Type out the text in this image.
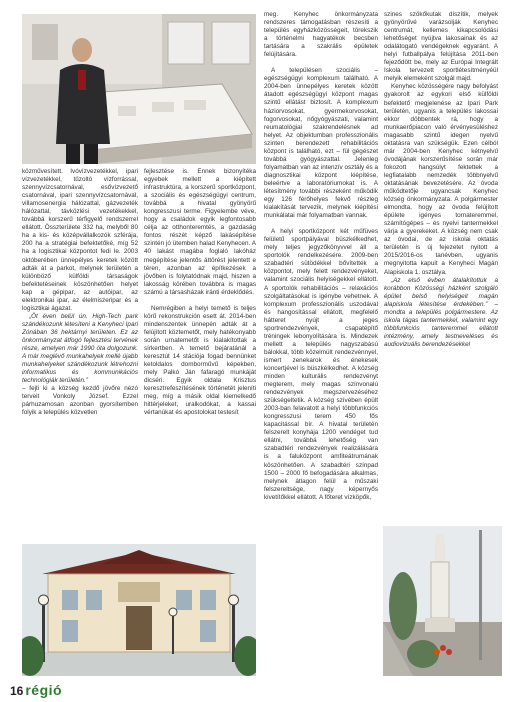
meg. Kenyhec önkormányzata rendszeres támogatásban részesíti a település egyházközösségeit, törekszik a történelmi hagyatékok becsben tartására a szakrális épületek felújítására.

A településen szociális – egészségügyi komplexum található. A 2004-ben ünnepélyes keretek között átadott egészségügyi központ magas szintű ellátást biztosít. A komplexum háziorvosokat, gyermekorvosokat, fogorvosokat, nőgyógyászati, valamint reumatológiai szakrendelésnek ad helyet. Az objektumban professzionális szinten berendezett rehabilitációs központ is található, ezt – fül gégészet továbbá gyógyászattal. Jelenleg folyamatban van az intenzív osztály és a diagnosztikai központ kiépítése, beleértve a laboratóriumokat is. A létesítmény további részeként működik egy 126 férőhelyes fekvő részleg kialakítását tervezik, melynek kiépítési munkálatai már folyamatban vannak.

A helyi sportközpont két műfüves felületű sportpályával büszkélkedhet, mely teljes jegyzőkönyvvel áll a sportolók rendelkezésére. 2009-ben szabadtéri sütödékkel bővítették a központot, mely felett rendezvényeket, valamint szociális helyiségekkel ellátott. A sportolók rehabilitációs – relaxációs szolgáltatásokat is igénybe vehetnek. A komplexum professzionális uszodával és hangosítással ellátott, megfelelő hátteret nyújt a jeges sportrendezvények, csapatépítő tréningek lebonyolítására is. Mindezek mellett a település nagyszabású bálokkal, több közelmúlt rendezvénnyel, ismert zenekarok és énekesek koncertjével is büszkélkedhet. A község minden kulturális rendezvényt megterem, mely magas színvonalú rendezvények megszervezéséhez szükségeltetik. A község szívében épült 2003-ban felavatott a helyi többfunkciós kongresszusi terem 450 fős kapacitással bír. A hivatal területén felszerelt konyhája 1200 vendéget tud ellátni, továbbá lehetőség van szabadtéri rendezvények realizálására is a faluközpont amfiteátrumának köszönhetően. A szabadtéri színpad 1500 – 2000 fő befogadására alkalmas, melynek átlagon felül a műszaki felszereltsége, nagy képernyős kivetítőkkel ellátott. A főteret vízköpők,

szines szökőkutak díszítik, melyek gyönyörűvé varázsolják Kenyhec centrumát, kellemes kikapcsolódási lehetőséget nyújtva lakosainak és az odalátogató vendégeknek egyaránt. A helyi futballpálya felújítása 2011-ben fejeződött be, mely az Európai Integrált Iskola tervezett sportlétesítményéül melyik elemeként szolgál majd.

Kenyhec közösségére nagy befolyást gyakorolt az egykori első külföldi befektető megjelenése az Ipari Park területén, ugyanis a település lakossai ekkor döbbentek rá, hogy a munkaerőpiacon való érvényesüléshez magasabb szintű idegen nyelvű oktatásra van szükségük. Ezen célból már 2004-ben Kenyhec kétnyelvű óvodájának korszerűsítése során már fokozott hangsúlyt fektettek a legfiatalabb nemzedék többnyelvű oktatásának bevezetésére. Az óvoda működtetője ugyancsak Kenyhec község önkormányzata. A polgármester elmondta, hogy az óvoda felújított épülete igényes tornateremmel, számítógépes – és nyelvi tantermekkel várja a gyerekeket. A község nem csak az óvodai, de az iskolai oktatás területén is új fejezetet nyitott a 2015/2016-os tanévben, ugyanis megnyitotta kapuit a Kenyheci Magán Alapiskola 1. osztálya.

„Az első évben átalakítottuk a korábbon Közösségi házként szolgáló épület belső helyiségeit magán alapiskola létesítése érdekében.” – mondta a település polgármestere. Az iskola tágas tantermekkel, valamint egy többfunkciós tanteremmel ellátott intézmény, amely testneveléses és audiovizuális berendezésekkel

közművesített. Ivóvízvezetékkel, ipari vízvezetékkel, tűzoltó vízforrással, szennyvízcsatornával, esővízvezető csatornával, ipari szennyvízcsatornával, villamosenergia hálózattal, gázvezeték hálózattal, távközlési vezetékekkel, továbbá korszerű térfigyelő rendszerrel ellátott. Összterülete 332 ha, melyből 80 ha a kis- és középvállalkozók szférája, 200 ha a stratégiai befektetőké, míg 52 ha a logisztikai központot fedi le. 2003 októberében ünnepélyes keretek között adták át a parkot, melynek területén a különböző külföldi társaságok befektetéseinek köszönhetően helyet kap a gépipar, az autóipar, az elektronikai ipar, az élelmiszeripar és a logisztikai ágazat.

„Öt éven belül ún. High-Tech park szándékozunk létesíteni a Kenyheci Ipari Zónában 36 hektárnyi területen. Ez az önkormányzat átfogó fejlesztési tervének része, amelyen már 1990 óta dolgozunk. A már meglévő munkahelyek mellé újabb munkahelyeket szándékozunk létrehozni informatikus és kommunikációs technológiák területén.”

– fejti ki a község kezdő jövőre nézó terveit Vonkoly József. Ezzel párhuzamosan azonban gyorsítemben folyik a település közvetlen

fejlesztése is. Ennek bizonyítéka egyebek mellett a kiépített infrastruktúra, a korszerű sportközpont, a szociális és egészségügyi centrum, továbbá a hivatal gyönyörű kongresszusi terme. Figyelembe véve, hogy a családok egyik legfontosabb célja az otthonteremtés, a gazdaság fontos részét képző lakásépítése szintén jó ütemben halad Kenyhecen. A 40 lakást magába foglaló lakóház megépítése jelentős áttörést jelentett e téren, azonban az építkezések a jövőben is folytatódnak majd, hiszen a lakosság körében továbbra is magas számú a társasházak iránti érdeklődés.

Nemrégiben a helyi temető is teljes körű rekonstrukción esett át. 2014-ben mindenszentek ünnepén adták át a felújított köztemetőt, mely hatékonyabb során urnatemetőt is kialakítottak a sírkertben. A temető bejáratánál a keresztút 14 stációja fogad bennünket ketoldalos domborművű képekben, mely Palkó Ján fafaragó munkáját dicséri. Egyik oldala Krisztus keresztrefeszítésének történetét jeleníti meg, míg a másik oldal kiemelkedő hittérjeleket, uralkodókat, a kassai vértanúkat és apostolokat testesít

16 régió
